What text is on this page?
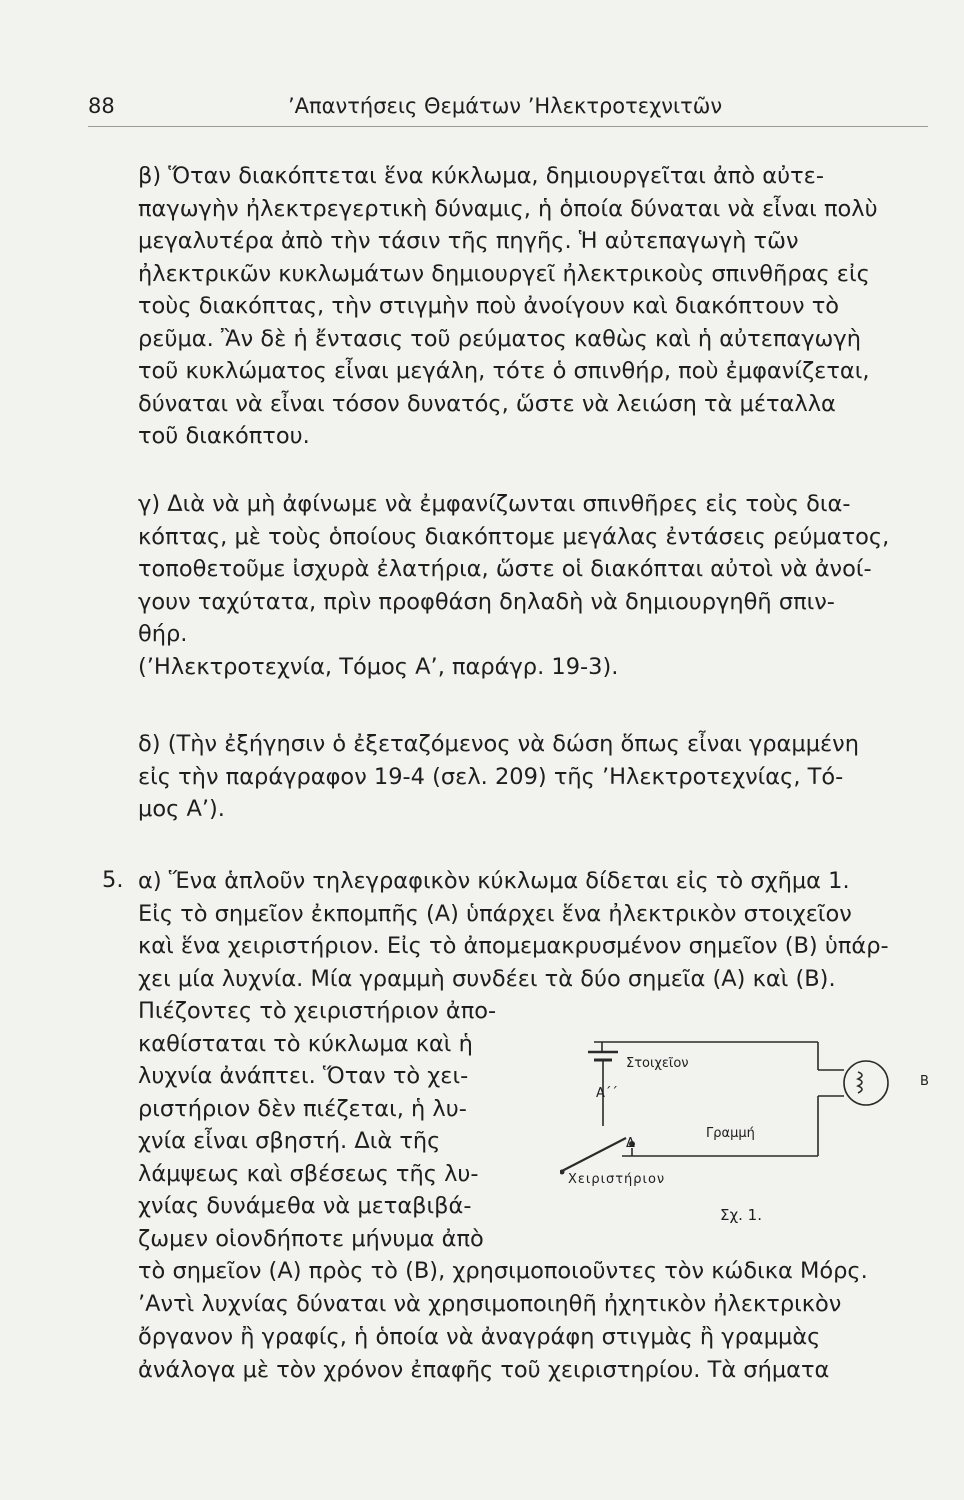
88	’Απαντήσεις Θεμάτων ’Ηλεκτροτεχνιτῶν

β) Ὅταν διακόπτεται ἕνα κύκλωμα, δημιουργεῖται ἀπὸ αὐτε-
παγωγὴν ἠλεκτρεγερτικὴ δύναμις, ἡ ὁποία δύναται νὰ εἶναι πολὺ
μεγαλυτέρα ἀπὸ τὴν τάσιν τῆς πηγῆς. Ἡ αὐτεπαγωγὴ τῶν
ἠλεκτρικῶν κυκλωμάτων δημιουργεῖ ἠλεκτρικοὺς σπινθῆρας εἰς
τοὺς διακόπτας, τὴν στιγμὴν ποὺ ἀνοίγουν καὶ διακόπτουν τὸ
ρεῦμα. Ἂν δὲ ἡ ἔντασις τοῦ ρεύματος καθὼς καὶ ἡ αὐτεπαγωγὴ
τοῦ κυκλώματος εἶναι μεγάλη, τότε ὁ σπινθήρ, ποὺ ἐμφανίζεται,
δύναται νὰ εἶναι τόσον δυνατός, ὥστε νὰ λειώση τὰ μέταλλα
τοῦ διακόπτου.

γ) Διὰ νὰ μὴ ἀφίνωμε νὰ ἐμφανίζωνται σπινθῆρες εἰς τοὺς δια-
κόπτας, μὲ τοὺς ὁποίους διακόπτομε μεγάλας ἐντάσεις ρεύματος,
τοποθετοῦμε ἰσχυρὰ ἐλατήρια, ὥστε οἱ διακόπται αὐτοὶ νὰ ἀνοί-
γουν ταχύτατα, πρὶν προφθάση δηλαδὴ νὰ δημιουργηθῆ σπιν-
θήρ.
(’Ηλεκτροτεχνία, Τόμος Α’, παράγρ. 19-3).

δ) (Τὴν ἐξήγησιν ὁ ἐξεταζόμενος νὰ δώση ὅπως εἶναι γραμμένη
εἰς τὴν παράγραφον 19-4 (σελ. 209) τῆς ’Ηλεκτροτεχνίας, Τό-
μος Α’).

5. α) Ἕνα ἁπλοῦν τηλεγραφικὸν κύκλωμα δίδεται εἰς τὸ σχῆμα 1.
Εἰς τὸ σημεῖον ἐκπομπῆς (Α) ὑπάρχει ἕνα ἠλεκτρικὸν στοιχεῖον
καὶ ἕνα χειριστήριον. Εἰς τὸ ἀπομεμακρυσμένον σημεῖον (Β) ὑπάρ-
χει μία λυχνία. Μία γραμμὴ συνδέει τὰ δύο σημεῖα (Α) καὶ (Β).

Πιέζοντες τὸ χειριστήριον ἀπο-
καθίσταται τὸ κύκλωμα καὶ ἡ
λυχνία ἀνάπτει. Ὅταν τὸ χει-
ριστήριον δὲν πιέζεται, ἡ λυ-
χνία εἶναι σβηστή. Διὰ τῆς
λάμψεως καὶ σβέσεως τῆς λυ-
χνίας δυνάμεθα νὰ μεταβιβά-
ζωμεν οἱονδήποτε μήνυμα ἀπὸ

τὸ σημεῖον (Α) πρὸς τὸ (Β), χρησιμοποιοῦντες τὸν κώδικα Μόρς.
’Αντὶ λυχνίας δύναται νὰ χρησιμοποιηθῆ ἠχητικὸν ἠλεκτρικὸν
ὄργανον ἢ γραφίς, ἡ ὁποία νὰ ἀναγράφη στιγμὰς ἢ γραμμὰς
ἀνάλογα μὲ τὸν χρόνον ἐπαφῆς τοῦ χειριστηρίου. Τὰ σήματα

Στοιχεῖον
Α΄΄
Δ
Γραμμή
Χειριστήριον
Β
Σχ. 1.
